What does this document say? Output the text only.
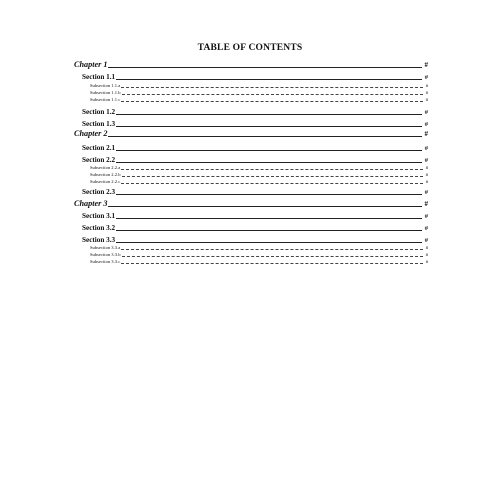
TABLE OF CONTENTS
Chapter 1	#
Section 1.1	#
Subsection 1.1.a	#
Subsection 1.1.b	#
Subsection 1.1.c	#
Section 1.2	#
Section 1.3	#
Chapter 2	#
Section 2.1	#
Section 2.2	#
Subsection 2.2.a	#
Subsection 2.2.b	#
Subsection 2.2.c	#
Section 2.3	#
Chapter 3	#
Section 3.1	#
Section 3.2	#
Section 3.3	#
Subsection 3.3.a	#
Subsection 3.3.b	#
Subsection 3.3.c	#
